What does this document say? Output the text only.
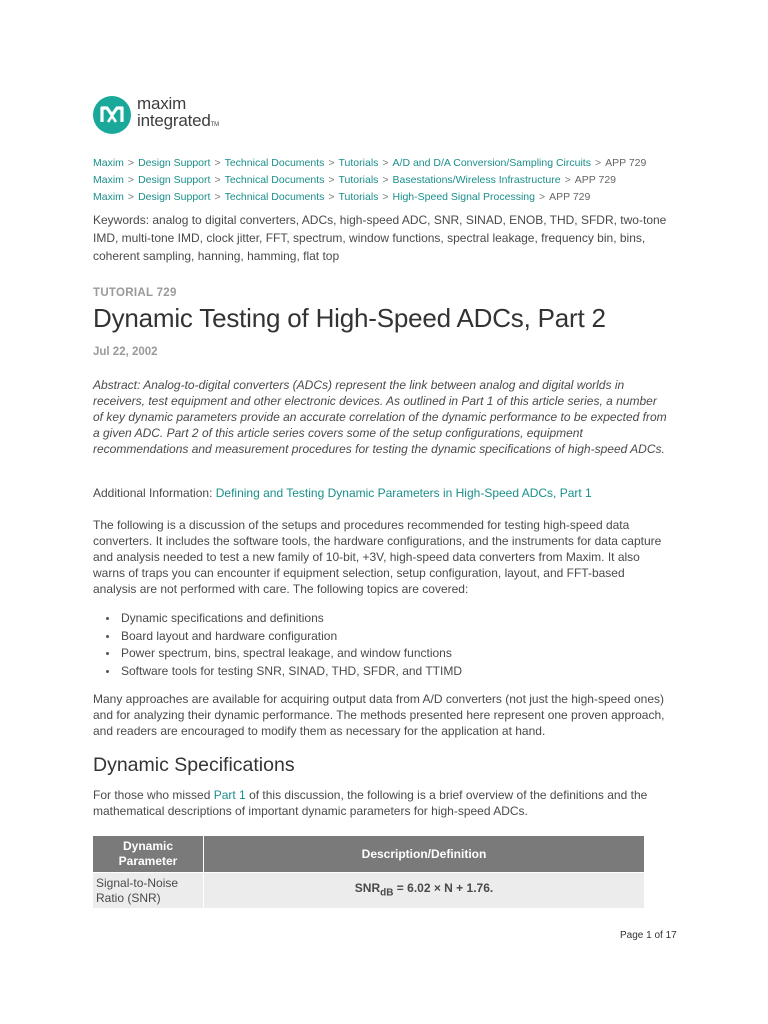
maxim
integratedTM
Maxim > Design Support > Technical Documents > Tutorials > A/D and D/A Conversion/Sampling Circuits > APP 729
Maxim > Design Support > Technical Documents > Tutorials > Basestations/Wireless Infrastructure > APP 729
Maxim > Design Support > Technical Documents > Tutorials > High-Speed Signal Processing > APP 729
Keywords: analog to digital converters, ADCs, high-speed ADC, SNR, SINAD, ENOB, THD, SFDR, two-tone IMD, multi-tone IMD, clock jitter, FFT, spectrum, window functions, spectral leakage, frequency bin, bins, coherent sampling, hanning, hamming, flat top
TUTORIAL 729
Dynamic Testing of High-Speed ADCs, Part 2
Jul 22, 2002
Abstract: Analog-to-digital converters (ADCs) represent the link between analog and digital worlds in receivers, test equipment and other electronic devices. As outlined in Part 1 of this article series, a number of key dynamic parameters provide an accurate correlation of the dynamic performance to be expected from a given ADC. Part 2 of this article series covers some of the setup configurations, equipment recommendations and measurement procedures for testing the dynamic specifications of high-speed ADCs.
Additional Information: Defining and Testing Dynamic Parameters in High-Speed ADCs, Part 1
The following is a discussion of the setups and procedures recommended for testing high-speed data converters. It includes the software tools, the hardware configurations, and the instruments for data capture and analysis needed to test a new family of 10-bit, +3V, high-speed data converters from Maxim. It also warns of traps you can encounter if equipment selection, setup configuration, layout, and FFT-based analysis are not performed with care. The following topics are covered:
Dynamic specifications and definitions
Board layout and hardware configuration
Power spectrum, bins, spectral leakage, and window functions
Software tools for testing SNR, SINAD, THD, SFDR, and TTIMD
Many approaches are available for acquiring output data from A/D converters (not just the high-speed ones) and for analyzing their dynamic performance. The methods presented here represent one proven approach, and readers are encouraged to modify them as necessary for the application at hand.
Dynamic Specifications
For those who missed Part 1 of this discussion, the following is a brief overview of the definitions and the mathematical descriptions of important dynamic parameters for high-speed ADCs.
Dynamic Parameter	Description/Definition
Signal-to-Noise Ratio (SNR)	$SNR_{dB} = 6.02 \times N + 1.76$.
Page 1 of 17
